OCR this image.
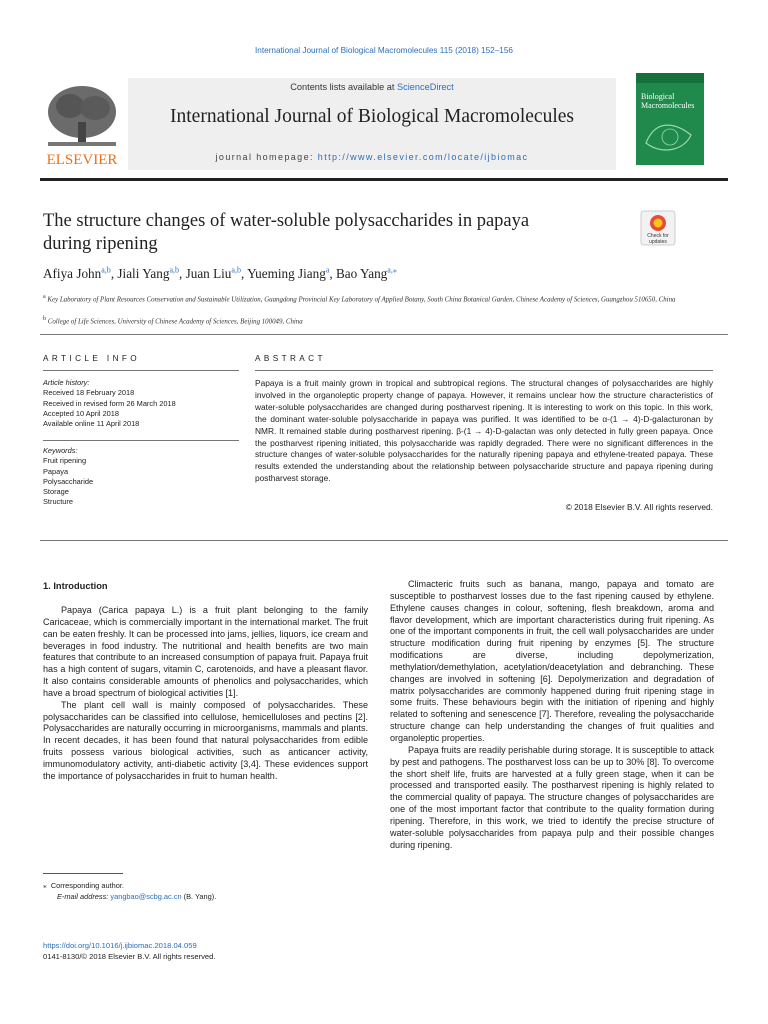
International Journal of Biological Macromolecules 115 (2018) 152–156
ELSEVIER
Contents lists available at ScienceDirect
International Journal of Biological Macromolecules
journal homepage: http://www.elsevier.com/locate/ijbiomac
Biological
Macromolecules
The structure changes of water-soluble polysaccharides in papaya during ripening	Check for
updates
Afiya John$^{a,b}$, Jiali Yang$^{a,b}$, Juan Liu$^{a,b}$, Yueming Jiang$^a$, Bao Yang$^{a,⁎}$
$^a$ Key Laboratory of Plant Resources Conservation and Sustainable Utilization, Guangdong Provincial Key Laboratory of Applied Botany, South China Botanical Garden, Chinese Academy of Sciences, Guangzhou 510650, China
$^b$ College of Life Sciences, University of Chinese Academy of Sciences, Beijing 100049, China
ARTICLE INFO
Article history:
Received 18 February 2018
Received in revised form 26 March 2018
Accepted 10 April 2018
Available online 11 April 2018
Keywords:
Fruit ripening
Papaya
Polysaccharide
Storage
Structure
ABSTRACT
Papaya is a fruit mainly grown in tropical and subtropical regions. The structural changes of polysaccharides are highly involved in the organoleptic property change of papaya. However, it remains unclear how the structure characteristics of water-soluble polysaccharides are changed during postharvest ripening. It is interesting to work on this topic. In this work, the dominant water-soluble polysaccharide in papaya was purified. It was identified to be α-(1 → 4)-D-galacturonan by NMR. It remained stable during postharvest ripening. β-(1 → 4)-D-galactan was only detected in fully green papaya. Once the postharvest ripening initiated, this polysaccharide was rapidly degraded. There were no significant differences in the structure changes of water-soluble polysaccharides for the naturally ripening papaya and ethylene-treated papaya. These results extended the understanding about the relationship between polysaccharide structure and papaya ripening during postharvest storage.
© 2018 Elsevier B.V. All rights reserved.
1. Introduction

Papaya (Carica papaya L.) is a fruit plant belonging to the family Caricaceae, which is commercially important in the international market. The fruit can be eaten freshly. It can be processed into jams, jellies, liquors, ice cream and beverages in food industry. The nutritional and health benefits are two main features that contribute to an increased consumption of papaya fruit. Papaya fruit has a high content of sugars, vitamin C, carotenoids, and have a pleasant flavor. It also contains considerable amounts of phenolics and polysaccharides, which have a broad spectrum of biological activities [1].

The plant cell wall is mainly composed of polysaccharides. These polysaccharides can be classified into cellulose, hemicelluloses and pectins [2]. Polysaccharides are naturally occurring in microorganisms, mammals and plants. In recent decades, it has been found that natural polysaccharides from edible fruits possess various biological activities, such as anticancer activity, immunomodulatory activity, anti-diabetic activity [3,4]. These evidences support the importance of polysaccharides in fruit to human health.

Climacteric fruits such as banana, mango, papaya and tomato are susceptible to postharvest losses due to the fast ripening caused by ethylene. Ethylene causes changes in colour, softening, flesh breakdown, aroma and flavor development, which are important characteristics during fruit ripening. As one of the important components in fruit, the cell wall polysaccharides are under structure modification during fruit ripening by enzymes [5]. The structure modifications are diverse, including depolymerization, methylation/demethylation, acetylation/deacetylation and debranching. These changes are involved in softening [6]. Depolymerization and degradation of matrix polysaccharides are commonly happened during fruit ripening stage in some fruits. These behaviours begin with the initiation of ripening and highly related to softening and senescence [7]. Therefore, revealing the polysaccharide structure change can help understanding the changes of fruit qualities and organoleptic properties.

Papaya fruits are readily perishable during storage. It is susceptible to attack by pest and pathogens. The postharvest loss can be up to 30% [8]. To overcome the short shelf life, fruits are harvested at a fully green stage, when it can be processed and transported easily. The postharvest ripening is highly related to the commercial quality of papaya. The structure changes of polysaccharides are one of the most important factor that contribute to the quality formation during ripening. Therefore, in this work, we tried to identify the precise structure of water-soluble polysaccharides from papaya pulp and their possible changes during ripening.

⁎ Corresponding author.
E-mail address: yangbao@scbg.ac.cn (B. Yang).
https://doi.org/10.1016/j.ijbiomac.2018.04.059
0141-8130/© 2018 Elsevier B.V. All rights reserved.
